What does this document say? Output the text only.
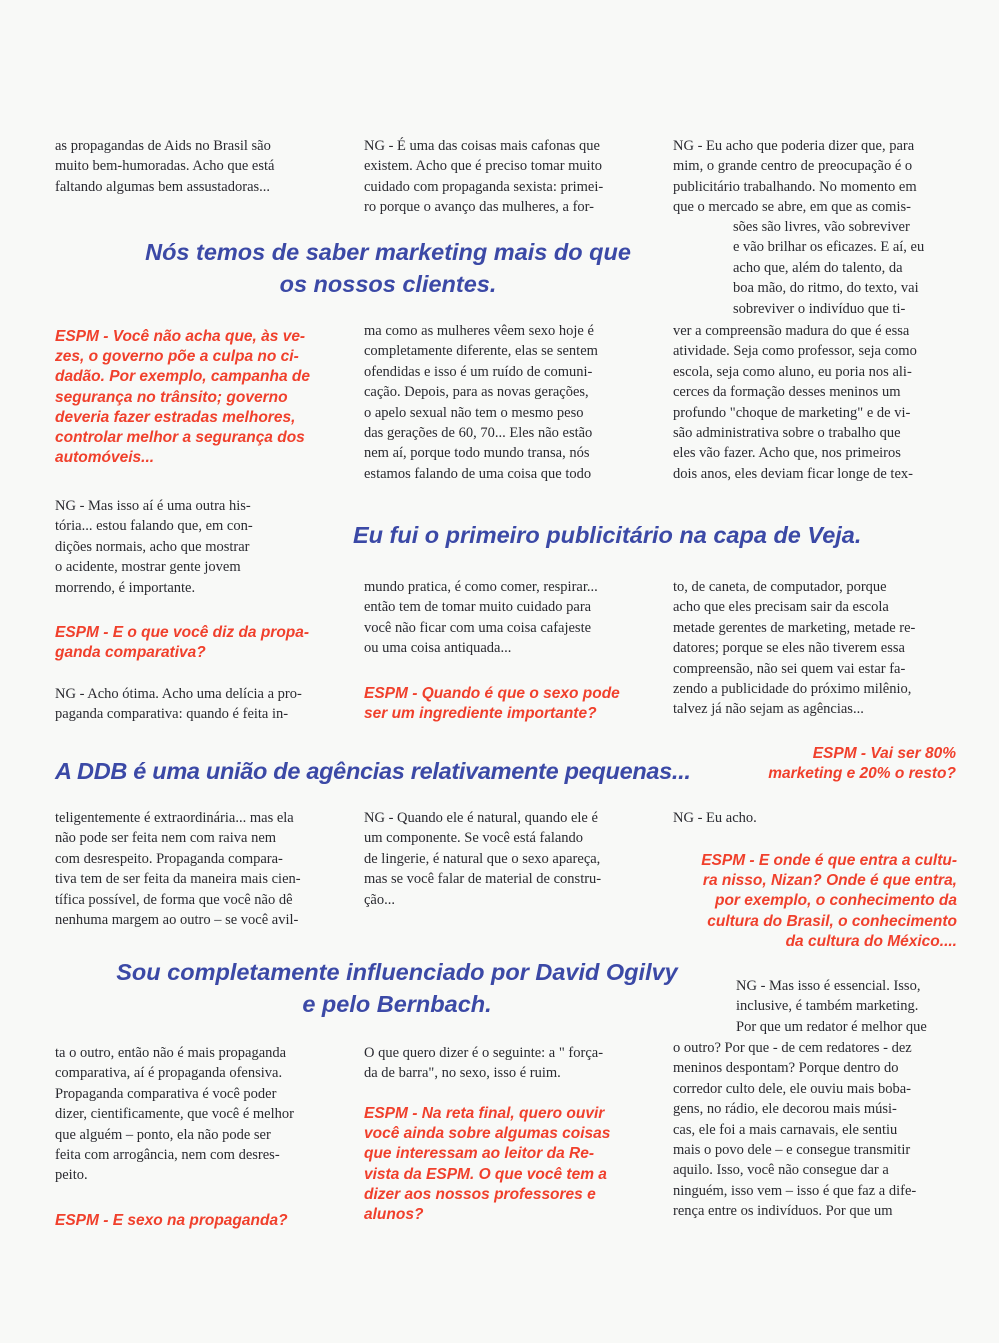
as propagandas de Aids no Brasil são
muito bem-humoradas. Acho que está
faltando algumas bem assustadoras...

NG - É uma das coisas mais cafonas que
existem. Acho que é preciso tomar muito
cuidado com propaganda sexista: primei-
ro porque o avanço das mulheres, a for-

NG - Eu acho que poderia dizer que, para
mim, o grande centro de preocupação é o
publicitário trabalhando. No momento em
que o mercado se abre, em que as comis-

sões são livres, vão sobreviver
e vão brilhar os eficazes. E aí, eu
acho que, além do talento, da
boa mão, do ritmo, do texto, vai
sobreviver o indivíduo que ti-

Nós temos de saber marketing mais do que
os nossos clientes.

ESPM - Você não acha que, às ve-
zes, o governo põe a culpa no ci-
dadão. Por exemplo, campanha de
segurança no trânsito; governo
deveria fazer estradas melhores,
controlar melhor a segurança dos
automóveis...

NG - Mas isso aí é uma outra his-
tória... estou falando que, em con-
dições normais, acho que mostrar
o acidente, mostrar gente jovem
morrendo, é importante.

ma como as mulheres vêem sexo hoje é
completamente diferente, elas se sentem
ofendidas e isso é um ruído de comuni-
cação. Depois, para as novas gerações,
o apelo sexual não tem o mesmo peso
das gerações de 60, 70... Eles não estão
nem aí, porque todo mundo transa, nós
estamos falando de uma coisa que todo

ver a compreensão madura do que é essa
atividade. Seja como professor, seja como
escola, seja como aluno, eu poria nos ali-
cerces da formação desses meninos um
profundo "choque de marketing" e de vi-
são administrativa sobre o trabalho que
eles vão fazer. Acho que, nos primeiros
dois anos, eles deviam ficar longe de tex-

Eu fui o primeiro publicitário na capa de Veja.

ESPM - E o que você diz da propa-
ganda comparativa?

NG - Acho ótima. Acho uma delícia a pro-
paganda comparativa: quando é feita in-

mundo pratica, é como comer, respirar...
então tem de tomar muito cuidado para
você não ficar com uma coisa cafajeste
ou uma coisa antiquada...

ESPM - Quando é que o sexo pode
ser um ingrediente importante?

to, de caneta, de computador, porque
acho que eles precisam sair da escola
metade gerentes de marketing, metade re-
datores; porque se eles não tiverem essa
compreensão, não sei quem vai estar fa-
zendo a publicidade do próximo milênio,
talvez já não sejam as agências...

A DDB é uma união de agências relativamente pequenas...

ESPM - Vai ser 80%
marketing e 20% o resto?

teligentemente é extraordinária... mas ela
não pode ser feita nem com raiva nem
com desrespeito. Propaganda compara-
tiva tem de ser feita da maneira mais cien-
tífica possível, de forma que você não dê
nenhuma margem ao outro – se você avil-

NG - Quando ele é natural, quando ele é
um componente. Se você está falando
de lingerie, é natural que o sexo apareça,
mas se você falar de material de constru-
ção...

NG - Eu acho.

ESPM - E onde é que entra a cultu-
ra nisso, Nizan? Onde é que entra,
por exemplo, o conhecimento da
cultura do Brasil, o conhecimento
da cultura do México....

Sou completamente influenciado por David Ogilvy
e pelo Bernbach.

NG - Mas isso é essencial. Isso,
inclusive, é também marketing.
Por que um redator é melhor que

ta o outro, então não é mais propaganda
comparativa, aí é propaganda ofensiva.
Propaganda comparativa é você poder
dizer, cientificamente, que você é melhor
que alguém – ponto, ela não pode ser
feita com arrogância, nem com desres-
peito.

ESPM - E sexo na propaganda?

O que quero dizer é o seguinte: a " força-
da de barra", no sexo, isso é ruim.

ESPM - Na reta final, quero ouvir
você ainda sobre algumas coisas
que interessam ao leitor da Re-
vista da ESPM. O que você tem a
dizer aos nossos professores e
alunos?

o outro? Por que - de cem redatores - dez
meninos despontam? Porque dentro do
corredor culto dele, ele ouviu mais boba-
gens, no rádio, ele decorou mais músi-
cas, ele foi a mais carnavais, ele sentiu
mais o povo dele – e consegue transmitir
aquilo. Isso, você não consegue dar a
ninguém, isso vem – isso é que faz a dife-
rença entre os indivíduos. Por que um
